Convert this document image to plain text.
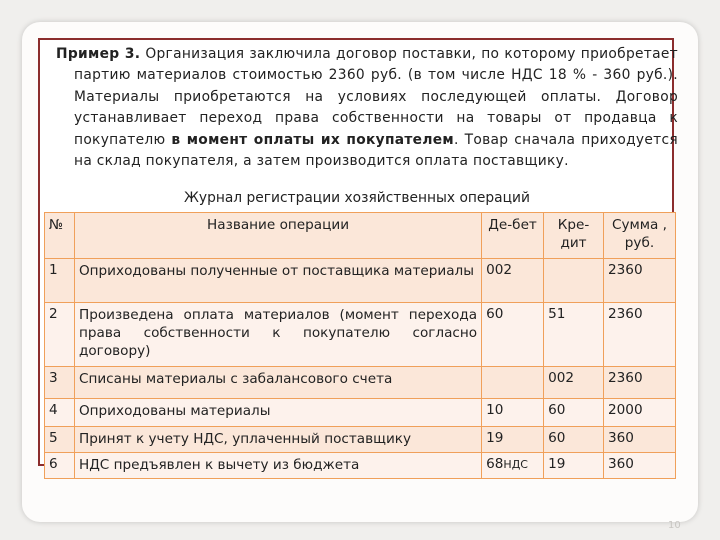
Пример 3. Организация заключила договор поставки, по которому приобретает партию материалов стоимостью 2360 руб. (в том числе НДС 18 % - 360 руб.). Материалы приобретаются на условиях последующей оплаты. Договор устанавливает переход права собственности на товары от продавца к покупателю в момент оплаты их покупателем. Товар сначала приходуется на склад покупателя, а затем производится оплата поставщику.
Журнал регистрации хозяйственных операций
№	Название операции	Де-бет	Кре-дит	Сумма , руб.
1	Оприходованы полученные от поставщика материалы	002		2360
2	Произведена оплата материалов (момент перехода права собственности к покупателю согласно договору)	60	51	2360
3	Списаны материалы с забалансового счета		002	2360
4	Оприходованы материалы	10	60	2000
5	Принят к учету НДС, уплаченный поставщику	19	60	360
6	НДС предъявлен к вычету из бюджета	68НДС	19	360
10
